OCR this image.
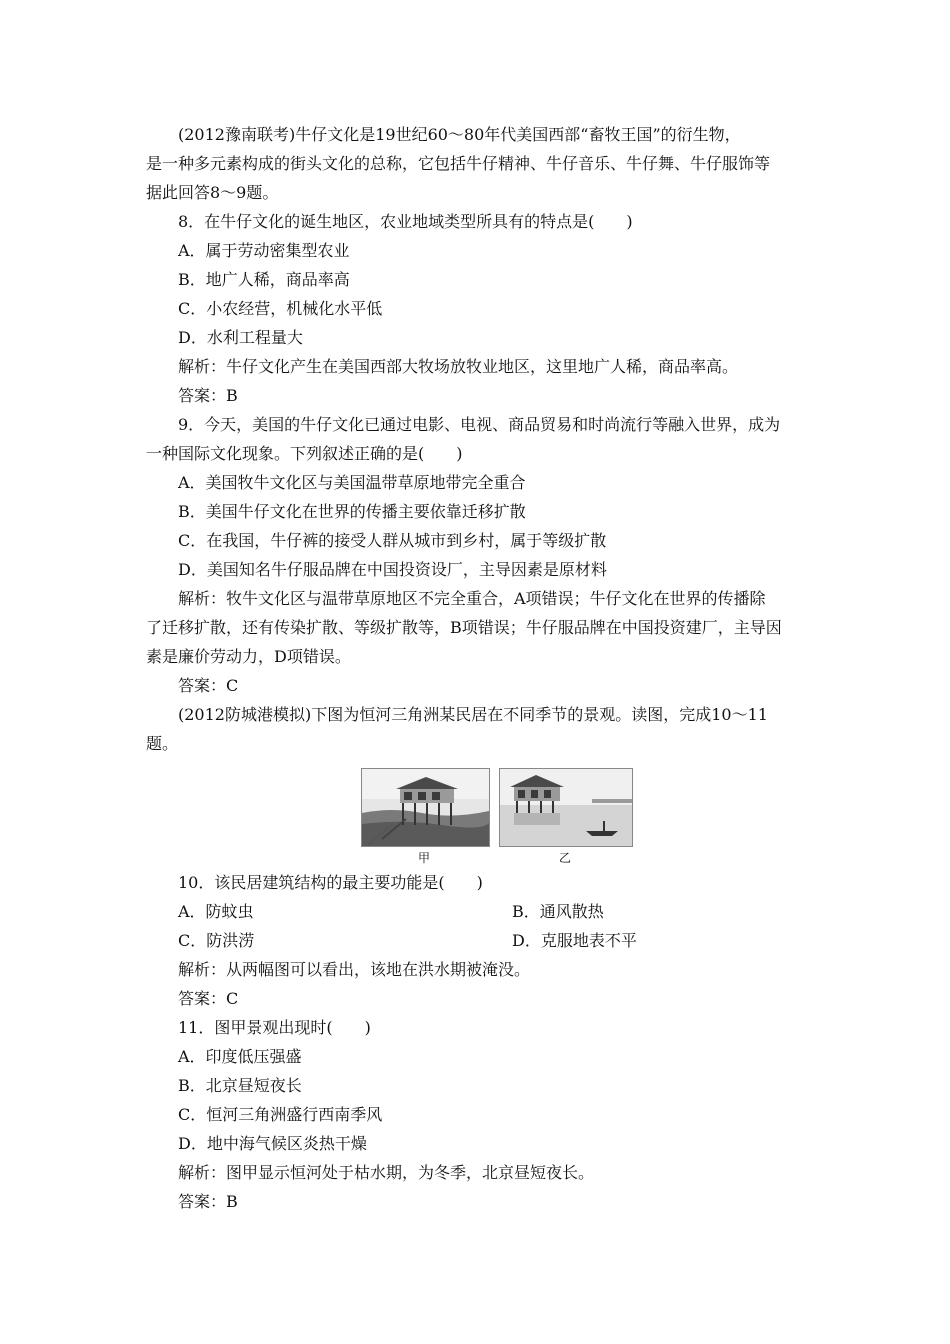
(2012豫南联考)牛仔文化是19世纪60～80年代美国西部“畜牧王国”的衍生物，
是一种多元素构成的街头文化的总称，它包括牛仔精神、牛仔音乐、牛仔舞、牛仔服饰等
据此回答8～9题。
8．在牛仔文化的诞生地区，农业地域类型所具有的特点是(　　)
A．属于劳动密集型农业
B．地广人稀，商品率高
C．小农经营，机械化水平低
D．水利工程量大
解析：牛仔文化产生在美国西部大牧场放牧业地区，这里地广人稀，商品率高。
答案：B
9．今天，美国的牛仔文化已通过电影、电视、商品贸易和时尚流行等融入世界，成为
一种国际文化现象。下列叙述正确的是(　　)
A．美国牧牛文化区与美国温带草原地带完全重合
B．美国牛仔文化在世界的传播主要依靠迁移扩散
C．在我国，牛仔裤的接受人群从城市到乡村，属于等级扩散
D．美国知名牛仔服品牌在中国投资设厂，主导因素是原材料
解析：牧牛文化区与温带草原地区不完全重合，A项错误；牛仔文化在世界的传播除
了迁移扩散，还有传染扩散、等级扩散等，B项错误；牛仔服品牌在中国投资建厂，主导因
素是廉价劳动力，D项错误。
答案：C
(2012防城港模拟)下图为恒河三角洲某民居在不同季节的景观。读图，完成10～11
题。
甲	乙
10．该民居建筑结构的最主要功能是(　　)
A．防蚊虫	B．通风散热
C．防洪涝	D．克服地表不平
解析：从两幅图可以看出，该地在洪水期被淹没。
答案：C
11．图甲景观出现时(　　)
A．印度低压强盛
B．北京昼短夜长
C．恒河三角洲盛行西南季风
D．地中海气候区炎热干燥
解析：图甲显示恒河处于枯水期，为冬季，北京昼短夜长。
答案：B
